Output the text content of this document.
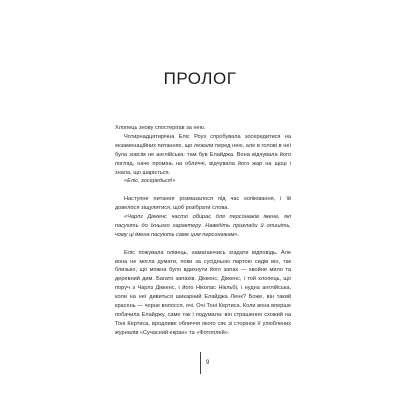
ПРОЛОГ

Хлопець знову спостерігав за нею.

Чотирнадцятирічна Еліс Роуз спробувала зосередитися на екзаменаційних питаннях, що лежали перед нею, але в голові в неї була зовсім не англійська: там був Елайджа. Вона відчувала його погляд, наче промінь на обличчі, відчувала його жар на щоці і знала, що шаріється.

«Еліс, зосередься!»

Наступне питання розмазалося під час копіювання, і їй довелося зіщулитися, щоб розібрати слова.

«Чарлз Діккенс часто обирає для персонажів імена, які пасують до їхнього характеру. Наведіть приклади й опишіть, чому ці імена пасують саме цим персонажам».

Еліс пожувала олівець, намагаючись згадати відповідь. Але вона не могла думати, поки за сусідньою партою сидів він, так близько, що можна було вдихнути його запах — хвойне мило та деревний дим. Багато запахів. Діккенс, Діккенс, і той хлопець, що поруч з Чарлз Діккенс, і його Ніколас Нікльбі, і нудна англійська, коли на неї дивиться шикарний Елайджа Ленк? Боже, він такий красень — чорне волосся, очі. Очі Тоні Кертиса. Коли вона вперше побачила Елайджу, саме так і подумала: він страшенно схожий на Тоні Кертиса, вродливе обличчя якого сяє зі сторінок її улюблених журналів «Сучасний екран» та «Фотоплей».

9
